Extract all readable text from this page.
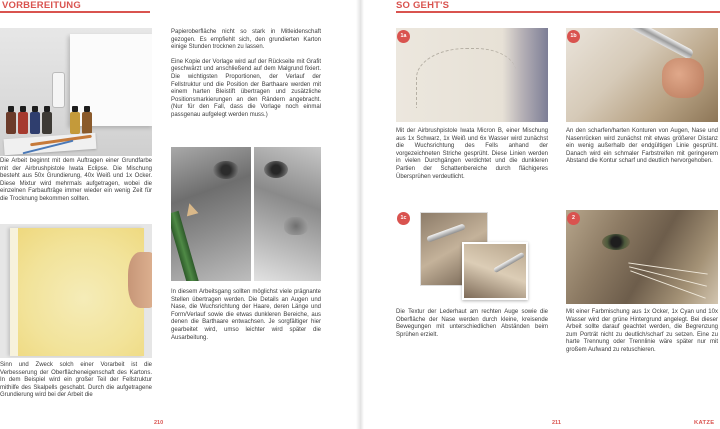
VORBEREITUNG
Die Arbeit beginnt mit dem Auftragen einer Grundfarbe mit der Airbrushpistole Iwata Eclipse. Die Mischung besteht aus 50x Grundierung, 40x Weiß und 1x Ocker. Diese Mixtur wird mehrmals aufgetragen, wobei die einzelnen Farbaufträge immer wieder ein wenig Zeit für die Trocknung bekommen sollten.
Sinn und Zweck solch einer Vorarbeit ist die Verbesserung der Oberflächeneigenschaft des Kartons. In dem Beispiel wird ein großer Teil der Fellstruktur mithilfe des Skalpells geschabt. Durch die aufgetragene Grundierung wird bei der Arbeit die

Papieroberfläche nicht so stark in Mitleidenschaft gezogen. Es empfiehlt sich, den grundierten Karton einige Stunden trocknen zu lassen.

Eine Kopie der Vorlage wird auf der Rückseite mit Grafit geschwärzt und anschließend auf dem Malgrund fixiert. Die wichtigsten Proportionen, der Verlauf der Fellstruktur und die Position der Barthaare werden mit einem harten Bleistift übertragen und zusätzliche Positionsmarkierungen an den Rändern angebracht. (Nur für den Fall, dass die Vorlage noch einmal passgenau aufgelegt werden muss.)

In diesem Arbeitsgang sollten möglichst viele prägnante Stellen übertragen werden. Die Details an Augen und Nase, die Wuchsrichtung der Haare, deren Länge und Form/Verlauf sowie die etwas dunkleren Bereiche, aus denen die Barthaare entwachsen. Je sorgfältiger hier gearbeitet wird, umso leichter wird später die Ausarbeitung.
210
SO GEHT'S
1a
Mit der Airbrushpistole Iwata Micron B, einer Mischung aus 1x Schwarz, 1x Weiß und 6x Wasser wird zunächst die Wuchsrichtung des Fells anhand der vorgezeichneten Striche gesprüht. Diese Linien werden in vielen Durchgängen verdichtet und die dunkleren Partien der Schattenbereiche durch flächigeres Übersprühen verdeutlicht.
1b
An den scharfen/harten Konturen von Augen, Nase und Nasenrücken wird zunächst mit etwas größerer Distanz ein wenig außerhalb der endgültigen Linie gesprüht. Danach wird ein schmaler Farbstreifen mit geringerem Abstand die Kontur scharf und deutlich hervorgehoben.
1c
Die Textur der Lederhaut am rechten Auge sowie die Oberfläche der Nase werden durch kleine, kreisende Bewegungen mit unterschiedlichen Abständen beim Sprühen erzielt.
2
Mit einer Farbmischung aus 1x Ocker, 1x Cyan und 10x Wasser wird der grüne Hintergrund angelegt. Bei dieser Arbeit sollte darauf geachtet werden, die Begrenzung zum Porträt nicht zu deutlich/scharf zu setzen. Eine zu harte Trennung oder Trennlinie wäre später nur mit großem Aufwand zu retuschieren.
211	KATZE
